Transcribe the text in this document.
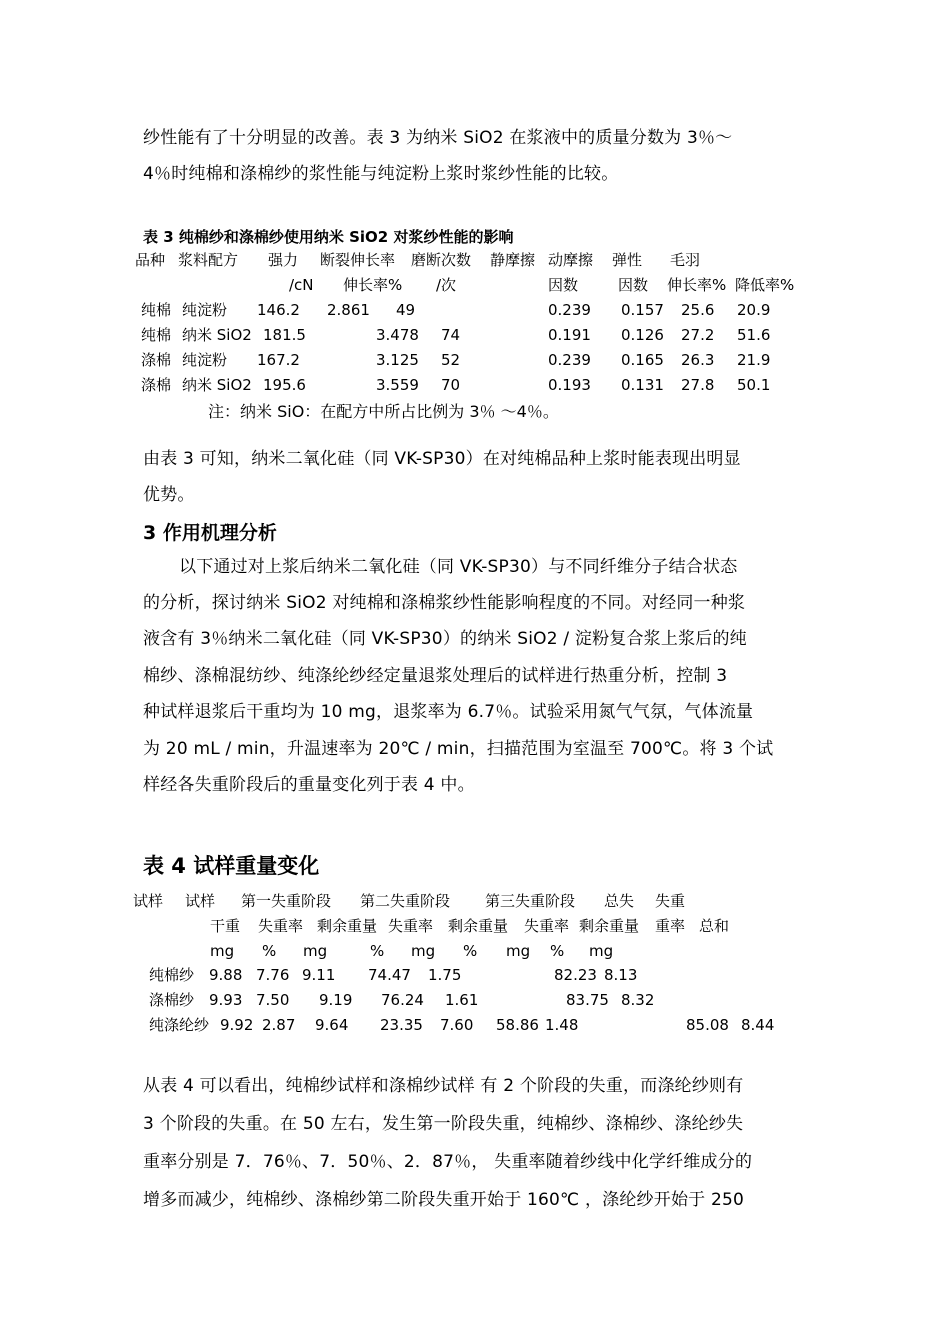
纱性能有了十分明显的改善。表 3 为纳米 SiO2 在浆液中的质量分数为 3％～
4％时纯棉和涤棉纱的浆性能与纯淀粉上浆时浆纱性能的比较。
表 3 纯棉纱和涤棉纱使用纳米 SiO2 对浆纱性能的影响
品种 浆料配方 强力 断裂伸长率 磨断次数 静摩擦 动摩擦 弹性 毛羽
/cN 伸长率% /次	因数	因数 伸长率% 降低率%
纯棉 纯淀粉 146.2 2.861 49	0.239 0.157 25.6 20.9
纯棉 纳米 SiO2 181.5	3.478 74	0.191 0.126 27.2 51.6
涤棉 纯淀粉 167.2	3.125 52	0.239 0.165 26.3 21.9
涤棉 纳米 SiO2 195.6	3.559 70	0.193 0.131 27.8 50.1
注：纳米 SiO：在配方中所占比例为 3％ ～4％。
由表 3 可知，纳米二氧化硅（同 VK-SP30）在对纯棉品种上浆时能表现出明显
优势。
3 作用机理分析
以下通过对上浆后纳米二氧化硅（同 VK-SP30）与不同纤维分子结合状态
的分析，探讨纳米 SiO2 对纯棉和涤棉浆纱性能影响程度的不同。对经同一种浆
液含有 3％纳米二氧化硅（同 VK-SP30）的纳米 SiO2 / 淀粉复合浆上浆后的纯
棉纱、涤棉混纺纱、纯涤纶纱经定量退浆处理后的试样进行热重分析，控制 3
种试样退浆后干重均为 10 mg，退浆率为 6.7％。试验采用氮气气氛，气体流量
为 20 mL / min，升温速率为 20℃ / min，扫描范围为室温至 700℃。将 3 个试
样经各失重阶段后的重量变化列于表 4 中。
表 4 试样重量变化
试样 试样 第一失重阶段 第二失重阶段 第三失重阶段 总失 失重
干重 失重率 剩余重量 失重率 剩余重量 失重率 剩余重量 重率 总和
mg % mg	% mg % mg % mg
纯棉纱 9.88 7.76 9.11 74.47 1.75	82.23 8.13
涤棉纱 9.93 7.50 9.19 76.24 1.61	83.75 8.32
纯涤纶纱 9.92 2.87 9.64 23.35 7.60 58.86 1.48	85.08 8.44
从表 4 可以看出，纯棉纱试样和涤棉纱试样 有 2 个阶段的失重，而涤纶纱则有
3 个阶段的失重。在 50 左右，发生第一阶段失重，纯棉纱、涤棉纱、涤纶纱失
重率分别是 7．76％、7．50％、2．87％， 失重率随着纱线中化学纤维成分的
增多而减少，纯棉纱、涤棉纱第二阶段失重开始于 160℃ ，涤纶纱开始于 250
